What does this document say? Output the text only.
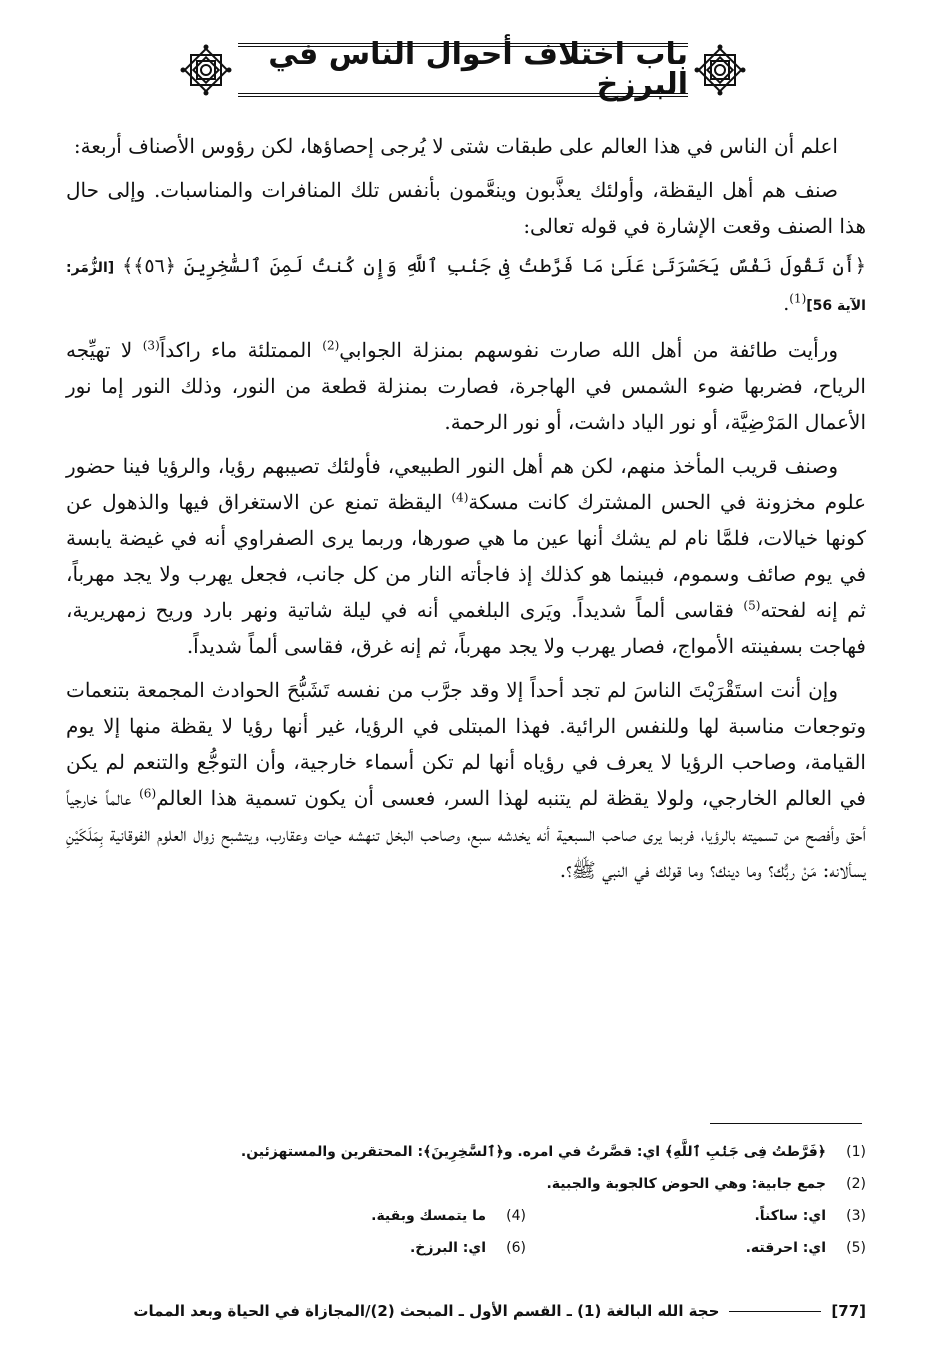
باب اختلاف أحوال الناس في البرزخ

اعلم أن الناس في هذا العالم على طبقات شتى لا يُرجى إحصاؤها، لكن رؤوس الأصناف أربعة:

صنف هم أهل اليقظة، وأولئك يعذَّبون وينعَّمون بأنفس تلك المنافرات والمناسبات. وإلى حال هذا الصنف وقعت الإشارة في قوله تعالى:

﴿أَن تَقُولَ نَفْسٌ يَحَسْرَتَىٰ عَلَىٰ مَا فَرَّطتُ فِى جَنۢبِ ٱللَّهِ وَإِن كُنتُ لَمِنَ ٱلسَّٰخِرِينَ ﴿٥٦﴾﴾ [الزُّمَر: الآية 56]$^{(1)}$.

ورأيت طائفة من أهل الله صارت نفوسهم بمنزلة الجوابي$^{(2)}$ الممتلئة ماء راكداً$^{(3)}$ لا تهيِّجه الرياح، فضربها ضوء الشمس في الهاجرة، فصارت بمنزلة قطعة من النور، وذلك النور إما نور الأعمال المَرْضِيَّة، أو نور الياد داشت، أو نور الرحمة.

وصنف قريب المأخذ منهم، لكن هم أهل النور الطبيعي، فأولئك تصيبهم رؤيا، والرؤيا فينا حضور علوم مخزونة في الحس المشترك كانت مسكة$^{(4)}$ اليقظة تمنع عن الاستغراق فيها والذهول عن كونها خيالات، فلمَّا نام لم يشك أنها عين ما هي صورها، وربما يرى الصفراوي أنه في غيضة يابسة في يوم صائف وسموم، فبينما هو كذلك إذ فاجأته النار من كل جانب، فجعل يهرب ولا يجد مهرباً، ثم إنه لفحته$^{(5)}$ فقاسى ألماً شديداً. ويَرى البلغمي أنه في ليلة شاتية ونهر بارد وريح زمهريرية، فهاجت بسفينته الأمواج، فصار يهرب ولا يجد مهرباً، ثم إنه غرق، فقاسى ألماً شديداً.

وإن أنت استَقْرَيْتَ الناسَ لم تجد أحداً إلا وقد جرَّب من نفسه تَشَبُّحَ الحوادث المجمعة بتنعمات وتوجعات مناسبة لها وللنفس الرائية. فهذا المبتلى في الرؤيا، غير أنها رؤيا لا يقظة منها إلا يوم القيامة، وصاحب الرؤيا لا يعرف في رؤياه أنها لم تكن أسماء خارجية، وأن التوجُّع والتنعم لم يكن في العالم الخارجي، ولولا يقظة لم يتنبه لهذا السر، فعسى أن يكون تسمية هذا العالم$^{(6)}$ عالماً خارجياً أحق وأفصح من تسميته بالرؤيا، فربما يرى صاحب السبعية أنه يخدشه سبع، وصاحب البخل تنهشه حيات وعقارب، ويتشبح زوال العلوم الفوقانية بِمَلَكَيْنِ يسألانه: مَنْ ربُّك؟ وما دينك؟ وما قولك في النبي ﷺ؟.

(1)
﴿فَرَّطتُ فِى جَنۢبِ ٱللَّهِ﴾ اي: قصَّرتُ في امره. و﴿ٱلسَّٰخِرِينَ﴾: المحتقرين والمستهزئين.
(2)
جمع جابية: وهي الحوض كالجوبة والجبية.
(3)
اي: ساكناً.
(4)
ما يتمسك وبقية.
(5)
اي: احرقته.
(6)
اي: البرزخ.
[77]
حجة الله البالغة (1) ـ القسم الأول ـ المبحث (2)/المجازاة في الحياة وبعد الممات
